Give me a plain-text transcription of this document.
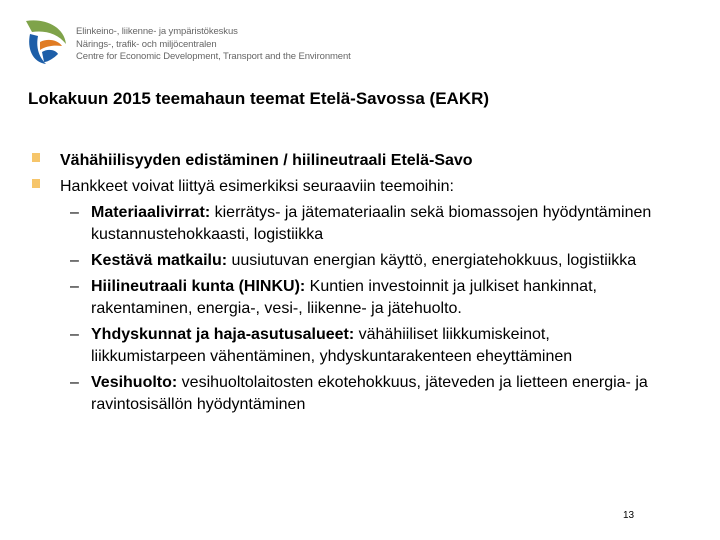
Elinkeino-, liikenne- ja ympäristökeskus
Närings-, trafik- och miljöcentralen
Centre for Economic Development, Transport and the Environment
Lokakuun 2015 teemahaun teemat Etelä-Savossa (EAKR)
Vähähiilisyyden edistäminen / hiilineutraali Etelä-Savo
Hankkeet voivat liittyä esimerkiksi seuraaviin teemoihin:
– Materiaalivirrat: kierrätys- ja jätemateriaalin sekä biomassojen hyödyntäminen kustannustehokkaasti, logistiikka
– Kestävä matkailu: uusiutuvan energian käyttö, energiatehokkuus, logistiikka
– Hiilineutraali kunta (HINKU): Kuntien investoinnit ja julkiset hankinnat, rakentaminen, energia-, vesi-, liikenne- ja jätehuolto.
– Yhdyskunnat ja haja-asutusalueet: vähähiiliset liikkumiskeinot, liikkumistarpeen vähentäminen, yhdyskuntarakenteen eheyttäminen
– Vesihuolto: vesihuoltolaitosten ekotehokkuus, jäteveden ja lietteen energia- ja ravintosisällön hyödyntäminen
13
